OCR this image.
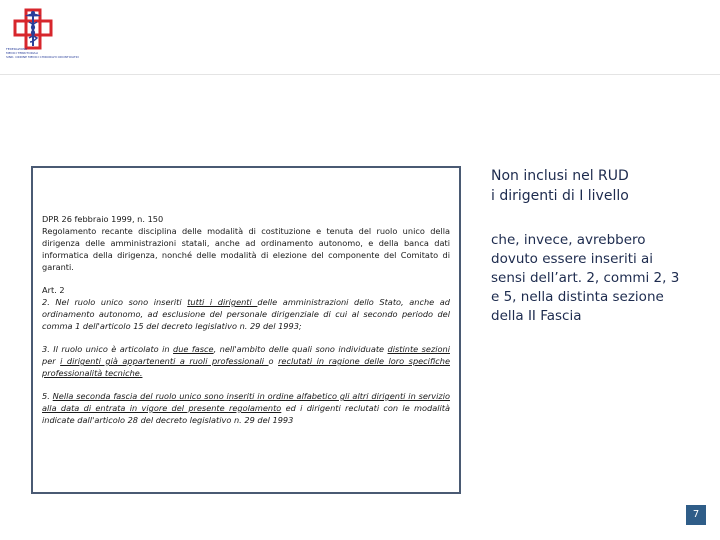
FEDERAZIONE
MEDICI TERRITORIALI
SIND. ORDINE MEDICI CHIRURGHI ODONTOIATRI

DPR 26 febbraio 1999, n. 150
Regolamento recante disciplina delle modalità di costituzione e tenuta del ruolo unico della dirigenza delle amministrazioni statali, anche ad ordinamento autonomo, e della banca dati informatica della dirigenza, nonché delle modalità di elezione del componente del Comitato di garanti.

Art. 2
2. Nel ruolo unico sono inseriti tutti i dirigenti delle amministrazioni dello Stato, anche ad ordinamento autonomo, ad esclusione del personale dirigenziale di cui al secondo periodo del comma 1 dell'articolo 15 del decreto legislativo n. 29 del 1993;

3. Il ruolo unico è articolato in due fasce, nell'ambito delle quali sono individuate distinte sezioni per i dirigenti già appartenenti a ruoli professionali o reclutati in ragione delle loro specifiche professionalità tecniche.

5. Nella seconda fascia del ruolo unico sono inseriti in ordine alfabetico gli altri dirigenti in servizio alla data di entrata in vigore del presente regolamento ed i dirigenti reclutati con le modalità indicate dall'articolo 28 del decreto legislativo n. 29 del 1993

Non inclusi nel RUD
i dirigenti di I livello
che, invece, avrebbero dovuto essere inseriti ai sensi dell’art. 2, commi 2, 3 e 5, nella distinta sezione della II Fascia
7
